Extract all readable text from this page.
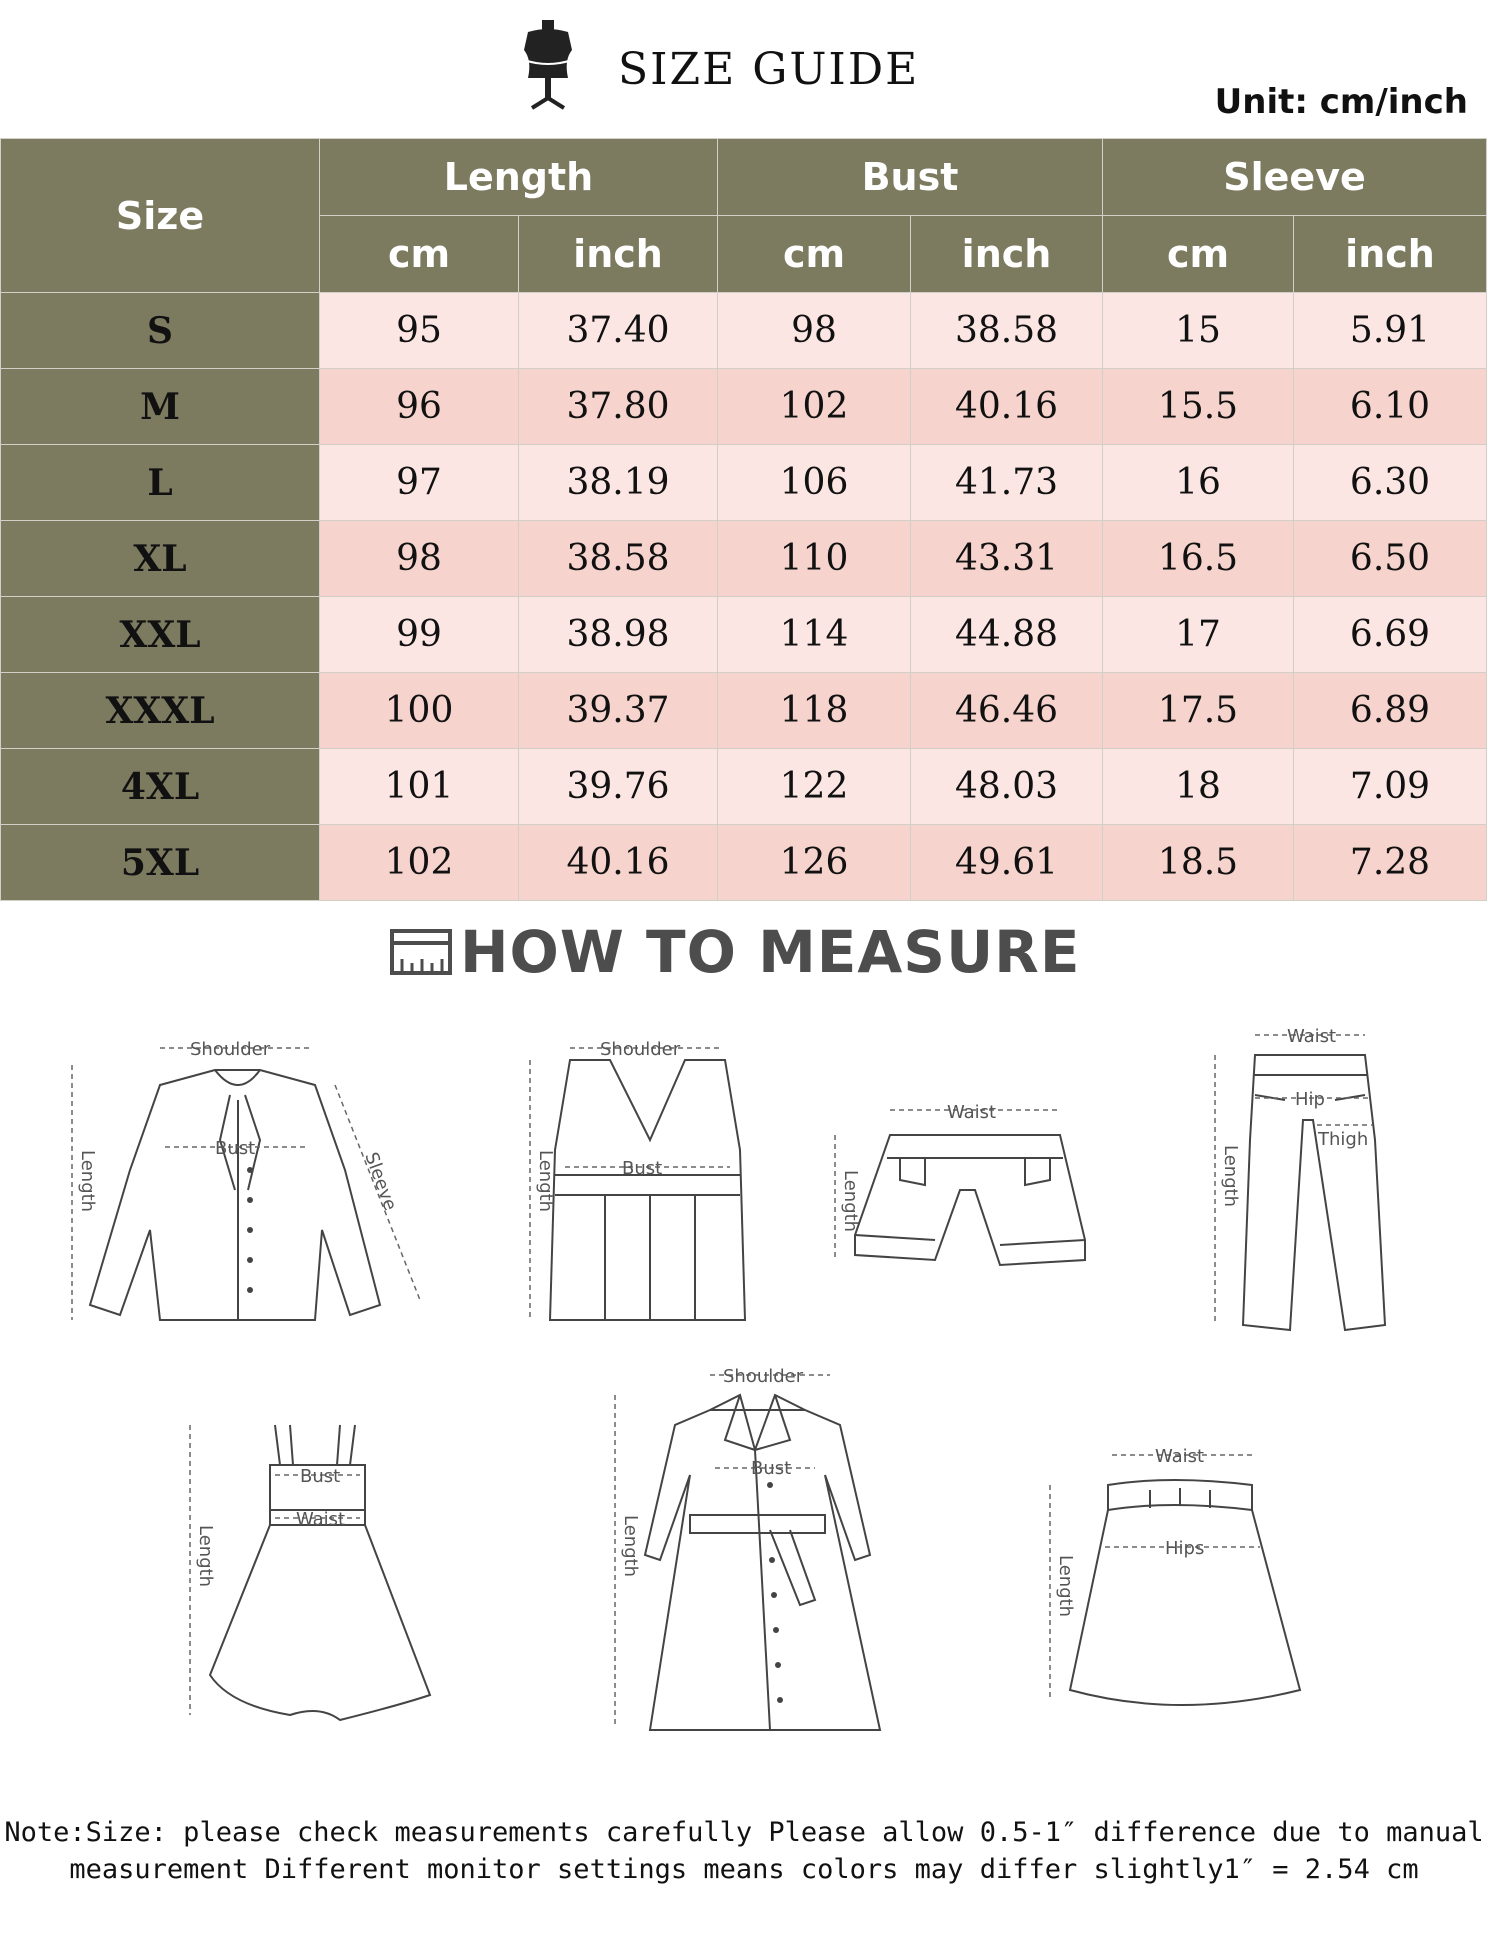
SIZE GUIDE
Unit: cm/inch
Size	Length		Bust		Sleeve	
	cm	inch	cm	inch	cm	inch
S	95	37.40	98	38.58	15	5.91
M	96	37.80	102	40.16	15.5	6.10
L	97	38.19	106	41.73	16	6.30
XL	98	38.58	110	43.31	16.5	6.50
XXL	99	38.98	114	44.88	17	6.69
XXXL	100	39.37	118	46.46	17.5	6.89
4XL	101	39.76	122	48.03	18	7.09
5XL	102	40.16	126	49.61	18.5	7.28
HOW TO MEASURE
Shoulder
Bust
Length	Sleeve
Shoulder
Bust
Length
Waist
Length
Waist
Hip
Thigh
Length
Bust
Waist
Length
Shoulder
Bust
Length
Waist
Hips
Length
Note:Size: please check measurements carefully Please allow 0.5-1″ difference due to manual
measurement Different monitor settings means colors may differ slightly1″ = 2.54 cm
